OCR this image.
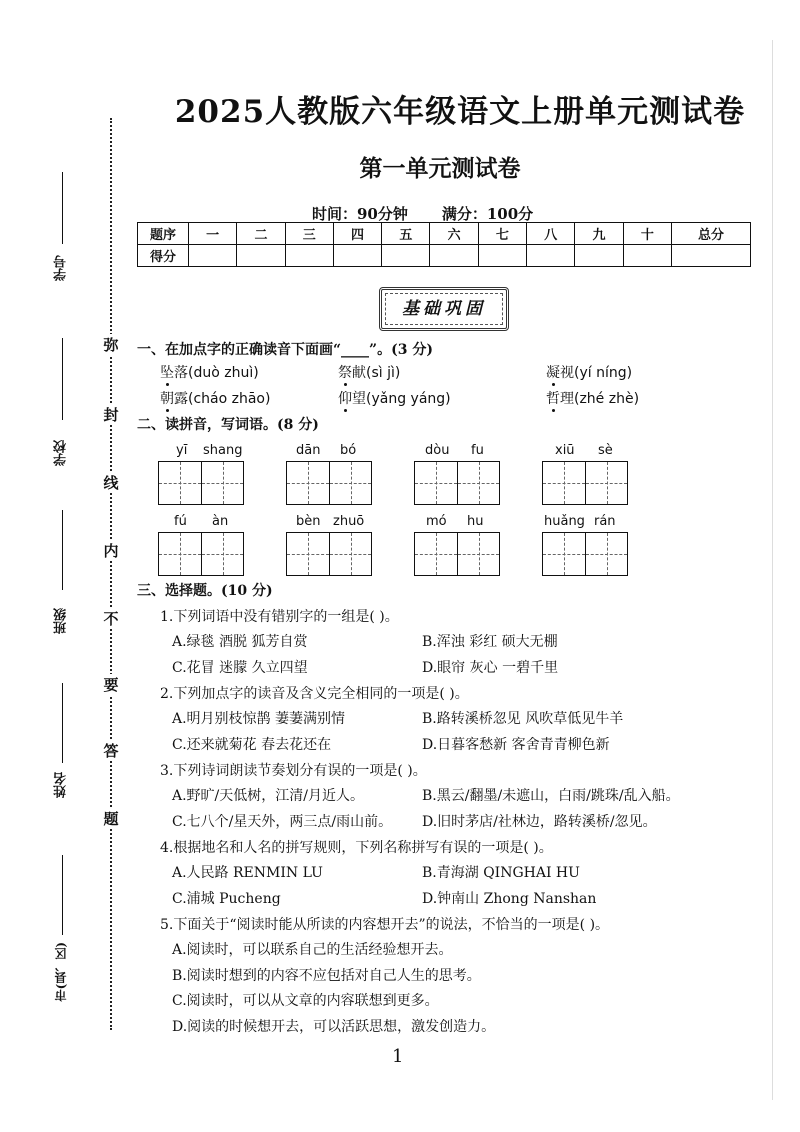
学号
学校
班级
姓名
市(县、区)
弥
封
线
内
不
要
答
题
2025人教版六年级语文上册单元测试卷
第一单元测试卷
时间：90分钟 满分：100分
题序	一	二	三	四	五	六	七	八	九	十	总分
得分											
基础巩固
一、在加点字的正确读音下面画“____”。(3 分)
坠落(duò zhuì)	祭献(sì jì)	凝视(yí níng)
朝露(cháo zhāo)	仰望(yǎng yáng)	哲理(zhé zhè)
二、读拼音，写词语。(8 分)
yī shang	dān bó	dòu fu	xiū sè
fú àn	bèn zhuō	mó hu	huǎng rán
三、选择题。(10 分)
1.下列词语中没有错别字的一组是( )。
A.绿毯 酒脱 狐芳自赏	B.浑浊 彩红 硕大无棚
C.花冒 迷朦 久立四望	D.眼帘 灰心 一碧千里
2.下列加点字的读音及含义完全相同的一项是( )。
A.明月别枝惊鹊 萋萋满别情	B.路转溪桥忽见 风吹草低见牛羊
C.还来就菊花 春去花还在	D.日暮客愁新 客舍青青柳色新
3.下列诗词朗读节奏划分有误的一项是( )。
A.野旷/天低树，江清/月近人。	B.黑云/翻墨/未遮山，白雨/跳珠/乱入船。
C.七八个/星天外，两三点/雨山前。 D.旧时茅店/社林边，路转溪桥/忽见。
4.根据地名和人名的拼写规则，下列名称拼写有误的一项是( )。
A.人民路 RENMIN LU	B.青海湖 QINGHAI HU
C.浦城 Pucheng	D.钟南山 Zhong Nanshan
5.下面关于“阅读时能从所读的内容想开去”的说法，不恰当的一项是( )。
A.阅读时，可以联系自己的生活经验想开去。
B.阅读时想到的内容不应包括对自己人生的思考。
C.阅读时，可以从文章的内容联想到更多。
D.阅读的时候想开去，可以活跃思想，激发创造力。
1
